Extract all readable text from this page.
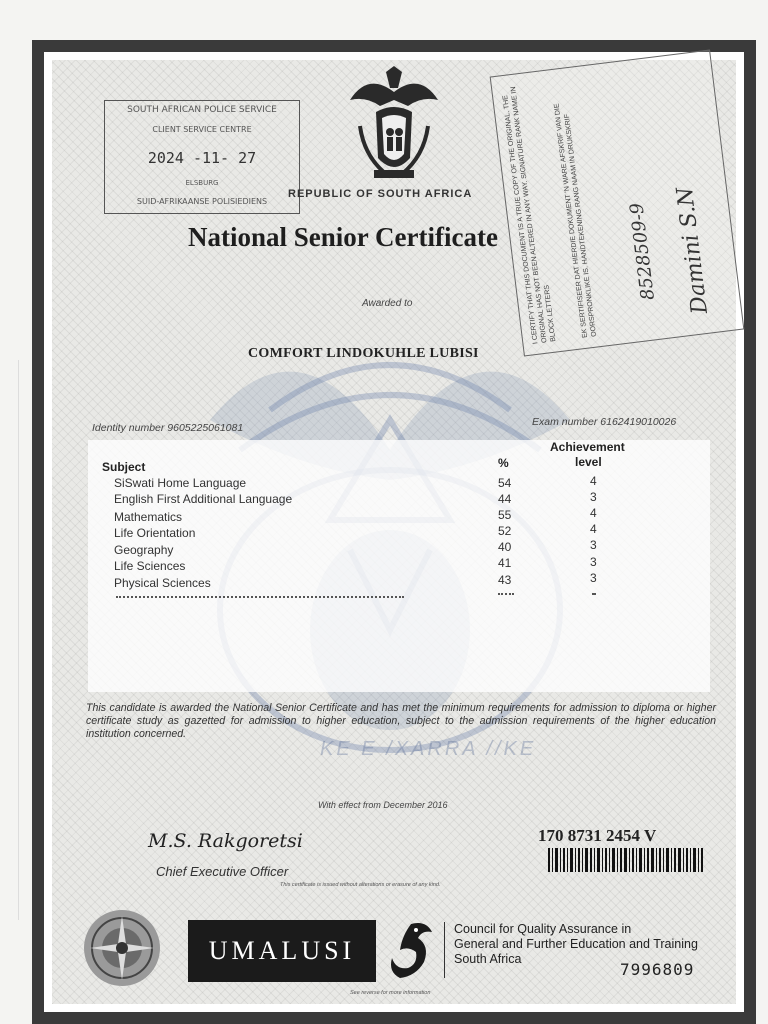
KE E /XARRA //KE
SOUTH AFRICAN POLICE SERVICE
CLIENT SERVICE CENTRE
2024 -11- 27
ELSBURG
SUID-AFRIKAANSE POLISIEDIENS
REPUBLIC OF SOUTH AFRICA
National Senior Certificate I CERTIFY THAT THIS DOCUMENT IS A TRUE COPY OF THE ORIGINAL. THE ORIGINAL HAS NOT BEEN ALTERED IN ANY WAY. SIGNATURE RANK NAME IN BLOCK LETTERS
EK SERTIFISEER DAT HIERDIE DOKUMENT 'N WARE AFSKRIF VAN DIE OORSPRONKLIKE IS. HANDTEKENING RANG NAAM IN DRUKSKRIF	8528509-9 Damini S.N
Awarded to
COMFORT LINDOKUHLE LUBISI
Identity number 9605225061081	Exam number 6162419010026
Subject	%
Achievement
level
SiSwati Home Language	54	4
English First Additional Language	44	3
Mathematics	55	4
Life Orientation	52	4
Geography	40	3
Life Sciences	41	3
Physical Sciences	43	3
This candidate is awarded the National Senior Certificate and has met the minimum requirements for admission to diploma or higher certificate study as gazetted for admission to higher education, subject to the admission requirements of the higher education institution concerned.
With effect from December 2016
M.S. Rakgoretsi
Chief Executive Officer
This certificate is issued without alterations or erasure of any kind.
170 8731 2454 V
UMALUSI
Council for Quality Assurance in
General and Further Education and Training
South Africa
7996809
See reverse for more information
